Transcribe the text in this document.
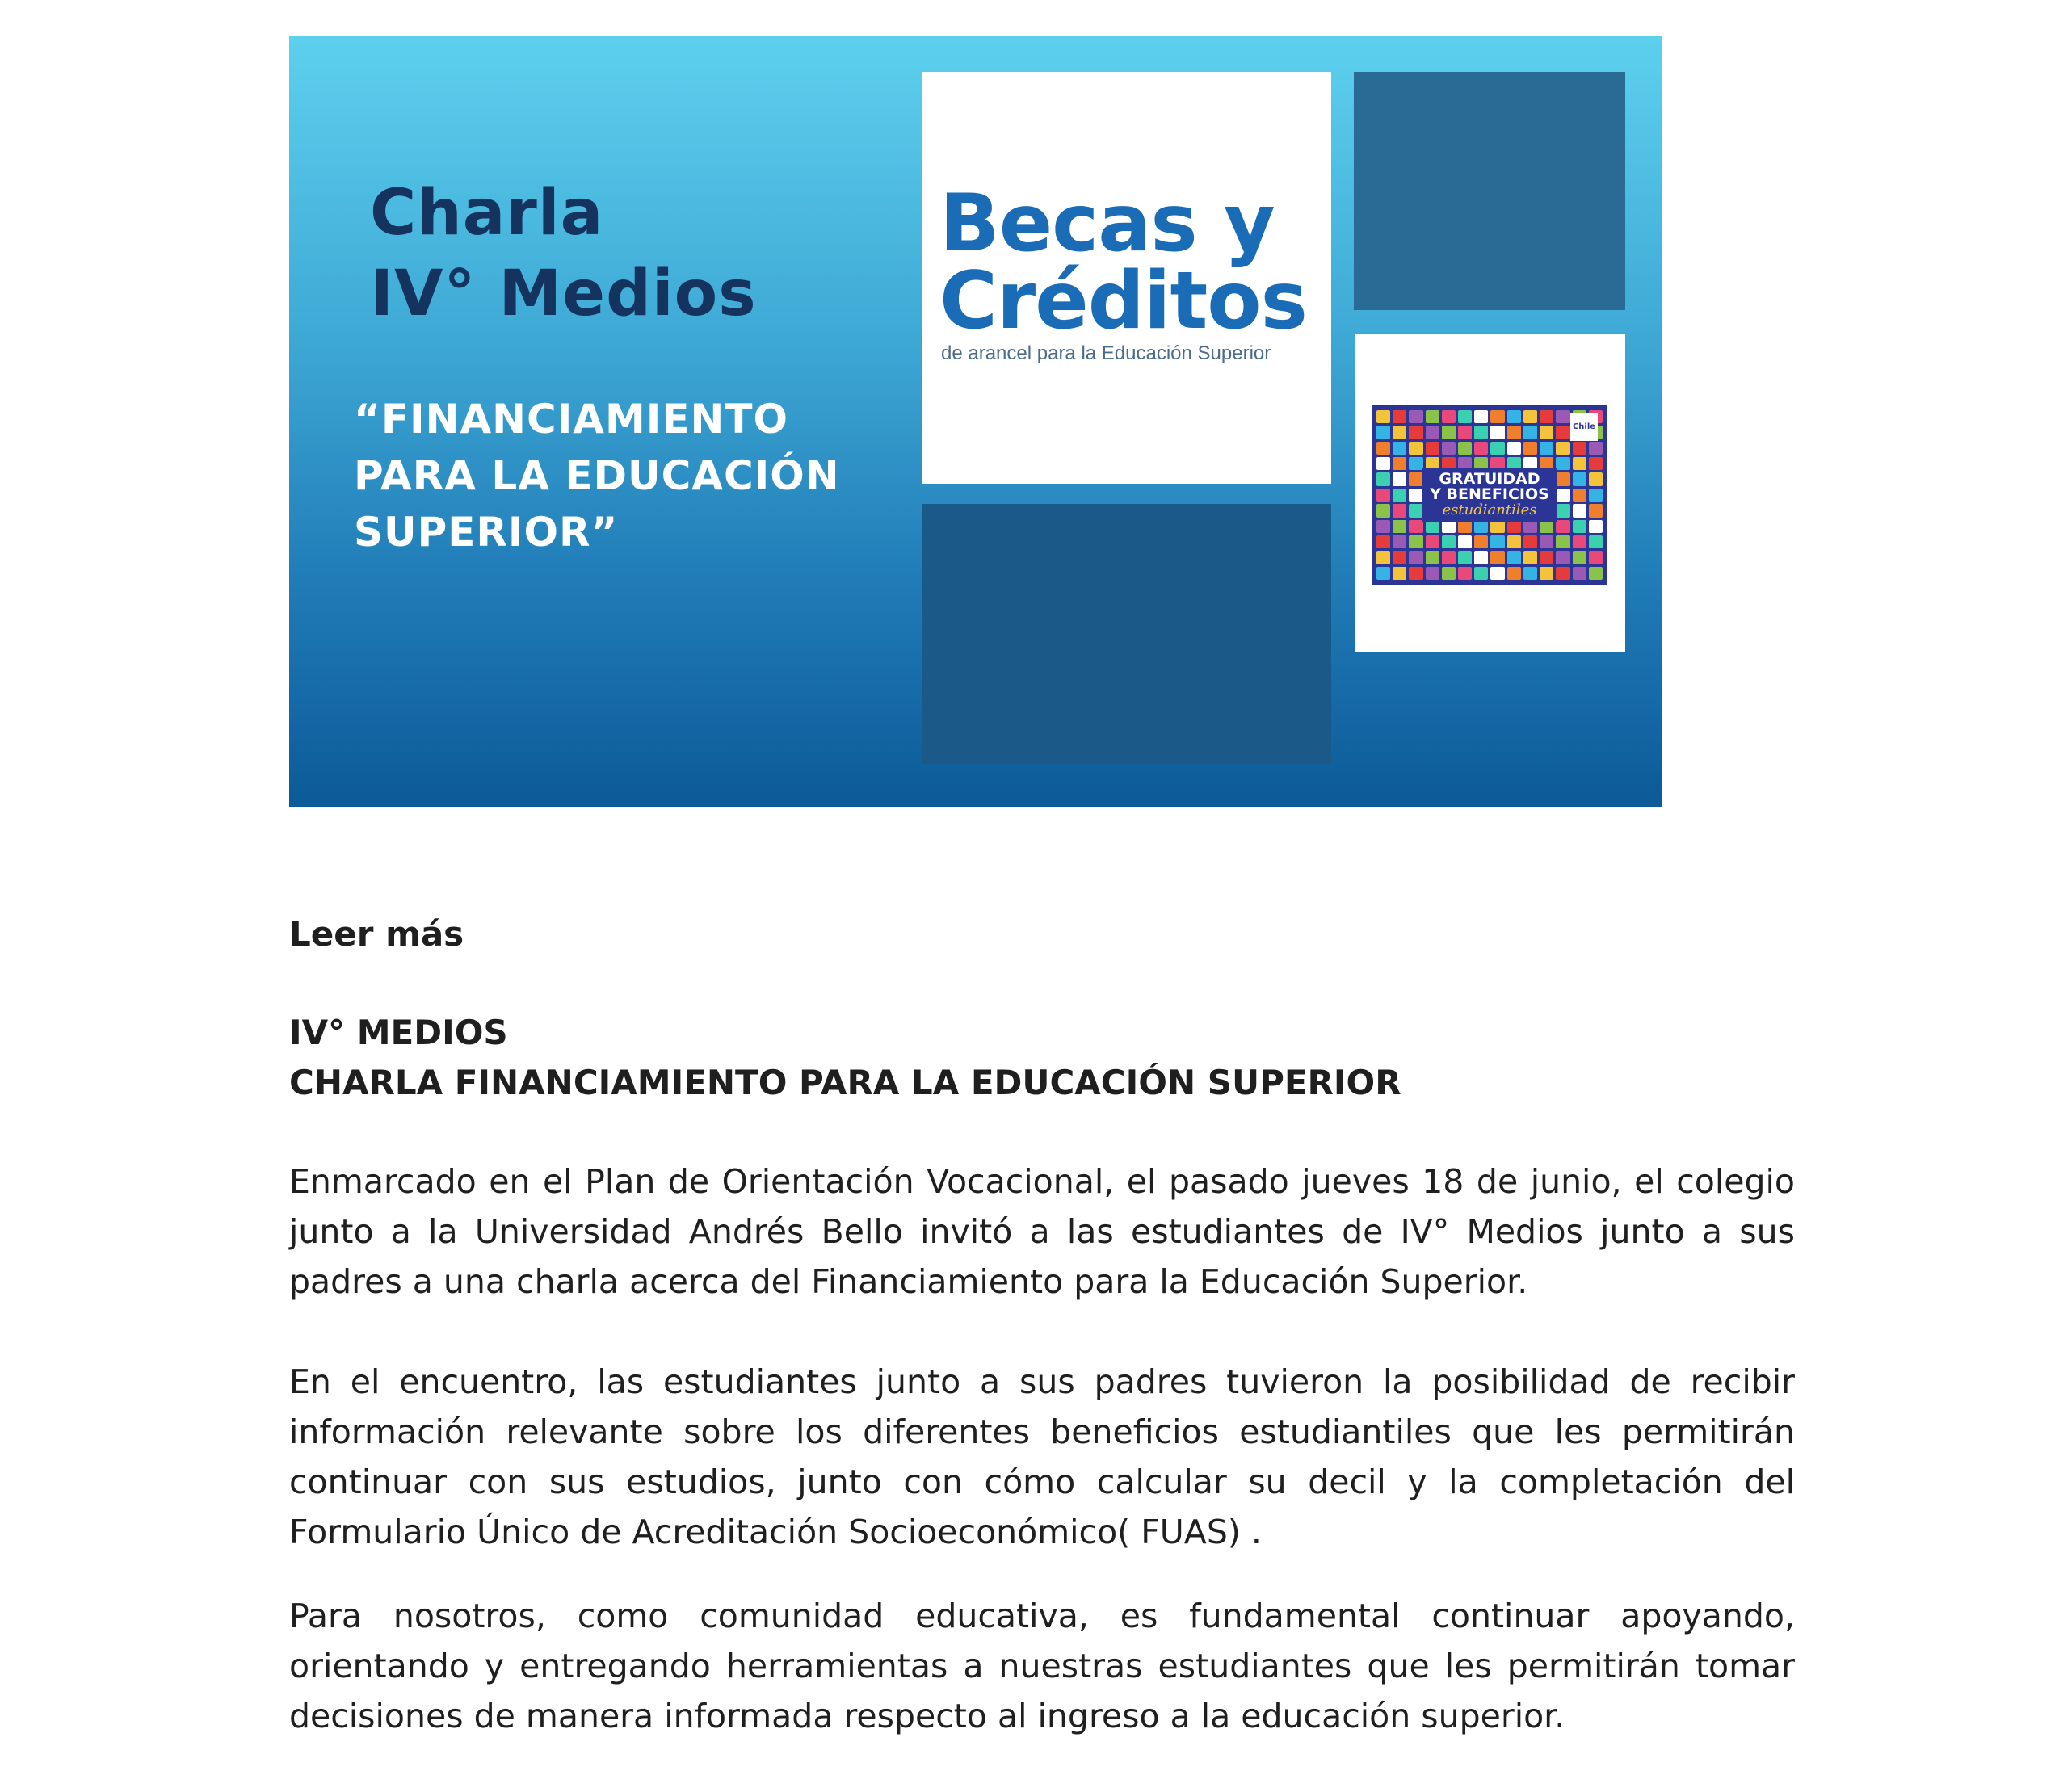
Charla
IV° Medios
“FINANCIAMIENTO
PARA LA EDUCACIÓN
SUPERIOR”
Becas y
Créditos
de arancel para la Educación Superior
Chile
GRATUIDAD
Y BENEFICIOS
estudiantiles
Leer más
IV° MEDIOS
CHARLA FINANCIAMIENTO PARA LA EDUCACIÓN SUPERIOR
Enmarcado en el Plan de Orientación Vocacional, el pasado jueves 18 de junio, el colegio junto a la Universidad Andrés Bello invitó a las estudiantes de IV° Medios junto a sus padres a una charla acerca del Financiamiento para la Educación Superior.
En el encuentro, las estudiantes junto a sus padres tuvieron la posibilidad de recibir información relevante sobre los diferentes beneficios estudiantiles que les permitirán continuar con sus estudios, junto con cómo calcular su decil y la completación del Formulario Único de Acreditación Socioeconómico( FUAS) .
Para nosotros, como comunidad educativa, es fundamental continuar apoyando, orientando y entregando herramientas a nuestras estudiantes que les permitirán tomar decisiones de manera informada respecto al ingreso a la educación superior.
